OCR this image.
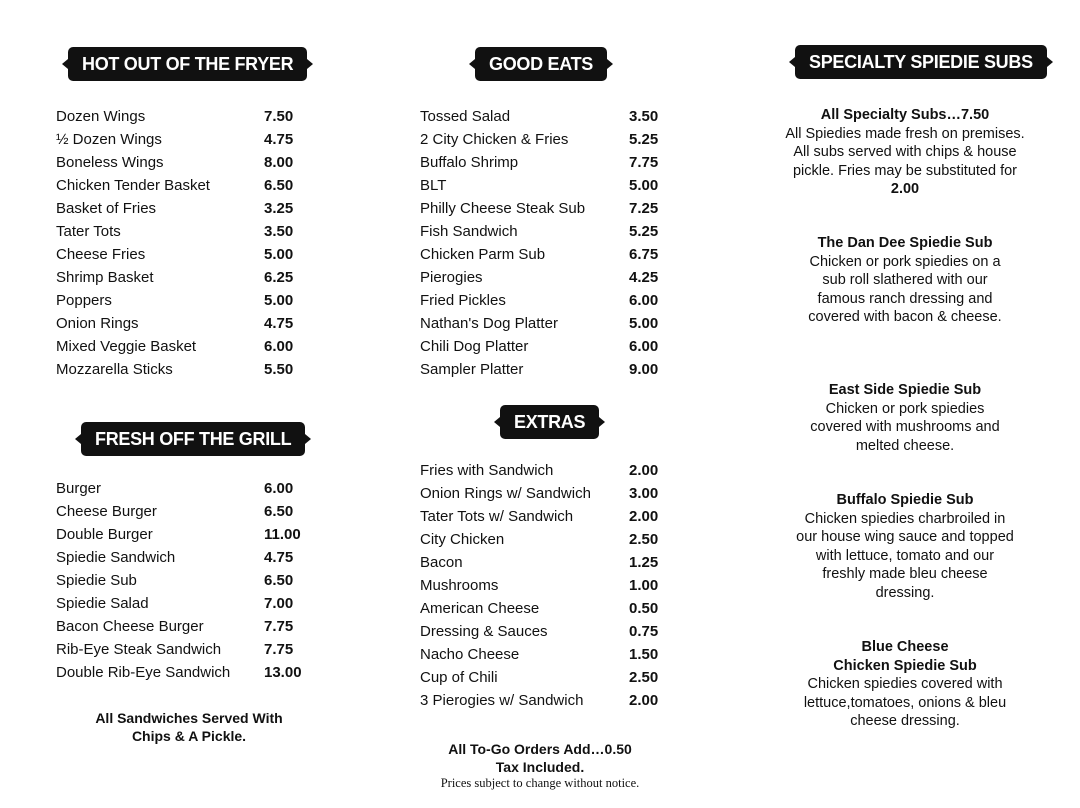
HOT OUT OF THE FRYER
Dozen Wings	7.50
½ Dozen Wings	4.75
Boneless Wings	8.00
Chicken Tender Basket	6.50
Basket of Fries	3.25
Tater Tots	3.50
Cheese Fries	5.00
Shrimp Basket	6.25
Poppers	5.00
Onion Rings	4.75
Mixed Veggie Basket	6.00
Mozzarella Sticks	5.50
FRESH OFF THE GRILL
Burger	6.00
Cheese Burger	6.50
Double Burger	11.00
Spiedie Sandwich	4.75
Spiedie Sub	6.50
Spiedie Salad	7.00
Bacon Cheese Burger	7.75
Rib-Eye Steak Sandwich	7.75
Double Rib-Eye Sandwich 13.00
All Sandwiches Served With
Chips & A Pickle.
GOOD EATS
Tossed Salad	3.50
2 City Chicken & Fries	5.25
Buffalo Shrimp	7.75
BLT	5.00
Philly Cheese Steak Sub	7.25
Fish Sandwich	5.25
Chicken Parm Sub	6.75
Pierogies	4.25
Fried Pickles	6.00
Nathan's Dog Platter	5.00
Chili Dog Platter	6.00
Sampler Platter	9.00
EXTRAS
Fries with Sandwich	2.00
Onion Rings w/ Sandwich	3.00
Tater Tots w/ Sandwich	2.00
City Chicken	2.50
Bacon	1.25
Mushrooms	1.00
American Cheese	0.50
Dressing & Sauces	0.75
Nacho Cheese	1.50
Cup of Chili	2.50
3 Pierogies w/ Sandwich	2.00
All To-Go Orders Add…0.50
Tax Included.
Prices subject to change without notice.
SPECIALTY SPIEDIE SUBS
All Specialty Subs…7.50
All Spiedies made fresh on premises. All subs served with chips & house pickle. Fries may be substituted for 2.00
The Dan Dee Spiedie Sub
Chicken or pork spiedies on a sub roll slathered with our famous ranch dressing and covered with bacon & cheese.
East Side Spiedie Sub
Chicken or pork spiedies covered with mushrooms and melted cheese.
Buffalo Spiedie Sub
Chicken spiedies charbroiled in our house wing sauce and topped with lettuce, tomato and our freshly made bleu cheese dressing.
Blue Cheese Chicken Spiedie Sub
Chicken spiedies covered with lettuce,tomatoes, onions & bleu cheese dressing.
